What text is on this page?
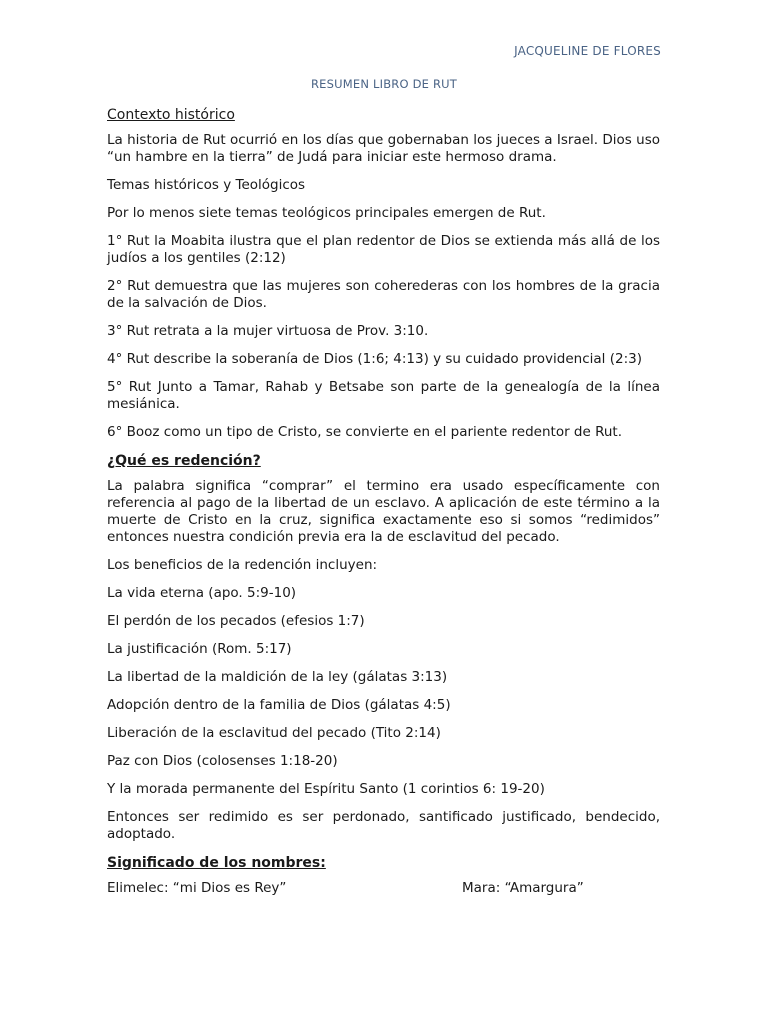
JACQUELINE DE FLORES
RESUMEN LIBRO DE RUT
Contexto histórico

La historia de Rut ocurrió en los días que gobernaban los jueces a Israel. Dios uso “un hambre en la tierra” de Judá para iniciar este hermoso drama.

Temas históricos y Teológicos

Por lo menos siete temas teológicos principales emergen de Rut.

1° Rut la Moabita ilustra que el plan redentor de Dios se extienda más allá de los judíos a los gentiles (2:12)

2° Rut demuestra que las mujeres son coherederas con los hombres de la gracia de la salvación de Dios.

3° Rut retrata a la mujer virtuosa de Prov. 3:10.

4° Rut describe la soberanía de Dios (1:6; 4:13) y su cuidado providencial (2:3)

5° Rut Junto a Tamar, Rahab y Betsabe son parte de la genealogía de la línea mesiánica.

6° Booz como un tipo de Cristo, se convierte en el pariente redentor de Rut.

¿Qué es redención?

La palabra significa “comprar” el termino era usado específicamente con referencia al pago de la libertad de un esclavo. A aplicación de este término a la muerte de Cristo en la cruz, significa exactamente eso si somos “redimidos” entonces nuestra condición previa era la de esclavitud del pecado.

Los beneficios de la redención incluyen:

La vida eterna (apo. 5:9-10)

El perdón de los pecados (efesios 1:7)

La justificación (Rom. 5:17)

La libertad de la maldición de la ley (gálatas 3:13)

Adopción dentro de la familia de Dios (gálatas 4:5)

Liberación de la esclavitud del pecado (Tito 2:14)

Paz con Dios (colosenses 1:18-20)

Y la morada permanente del Espíritu Santo (1 corintios 6: 19-20)

Entonces ser redimido es ser perdonado, santificado justificado, bendecido, adoptado.

Significado de los nombres:
Elimelec: “mi Dios es Rey”	Mara: “Amargura”
